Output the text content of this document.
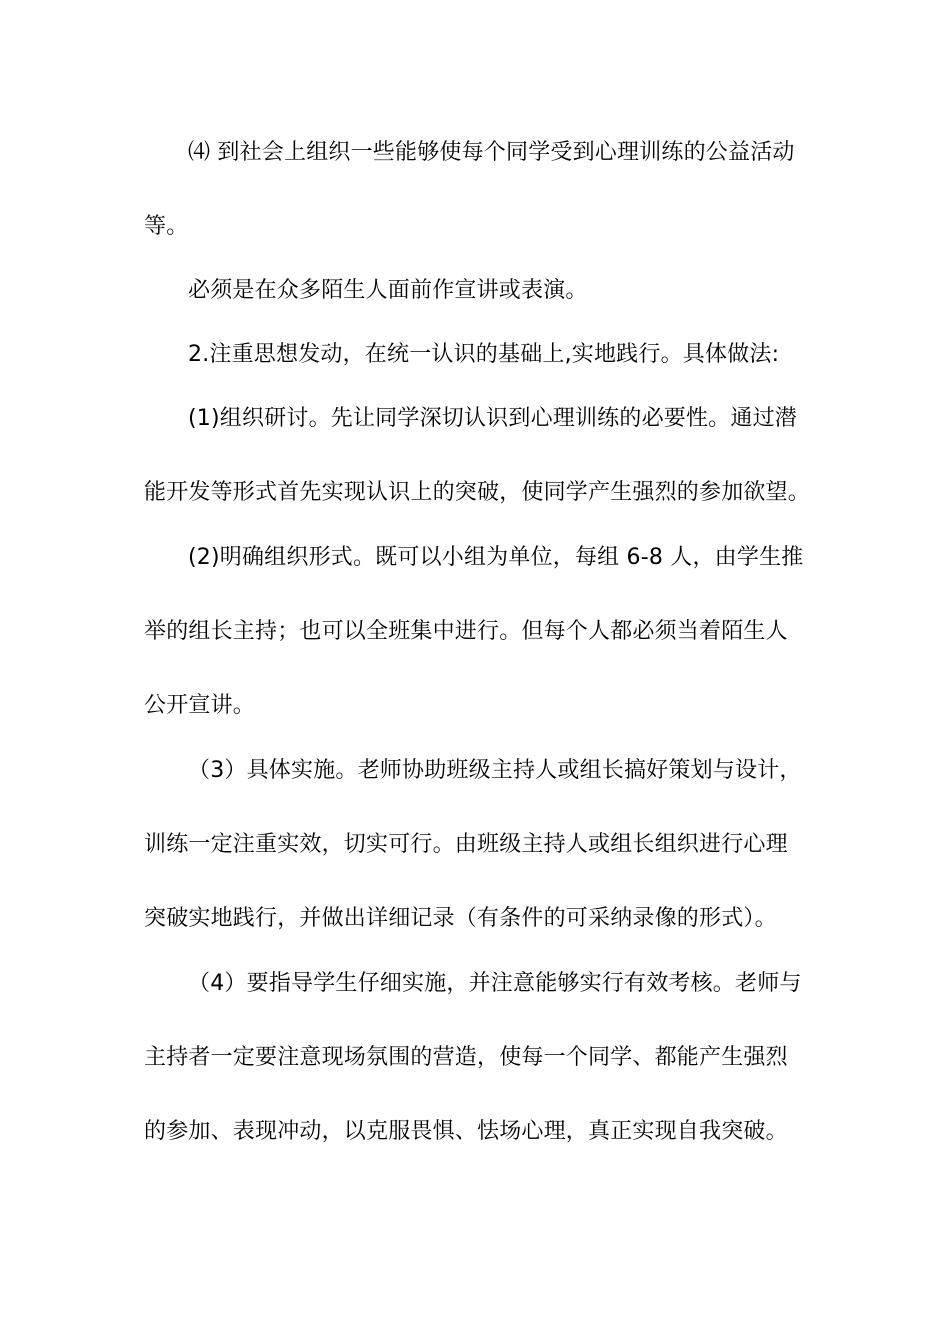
⑷ 到社会上组织一些能够使每个同学受到心理训练的公益活动
等。
必须是在众多陌生人面前作宣讲或表演。
2.注重思想发动，在统一认识的基础上,实地践行。具体做法:
(1)组织研讨。先让同学深切认识到心理训练的必要性。通过潜
能开发等形式首先实现认识上的突破，使同学产生强烈的参加欲望。
(2)明确组织形式。既可以小组为单位，每组 6-8 人，由学生推
举的组长主持；也可以全班集中进行。但每个人都必须当着陌生人
公开宣讲。
（3）具体实施。老师协助班级主持人或组长搞好策划与设计，
训练一定注重实效，切实可行。由班级主持人或组长组织进行心理
突破实地践行，并做出详细记录（有条件的可采纳录像的形式）。
（4）要指导学生仔细实施，并注意能够实行有效考核。老师与
主持者一定要注意现场氛围的营造，使每一个同学、都能产生强烈
的参加、表现冲动，以克服畏惧、怯场心理，真正实现自我突破。
